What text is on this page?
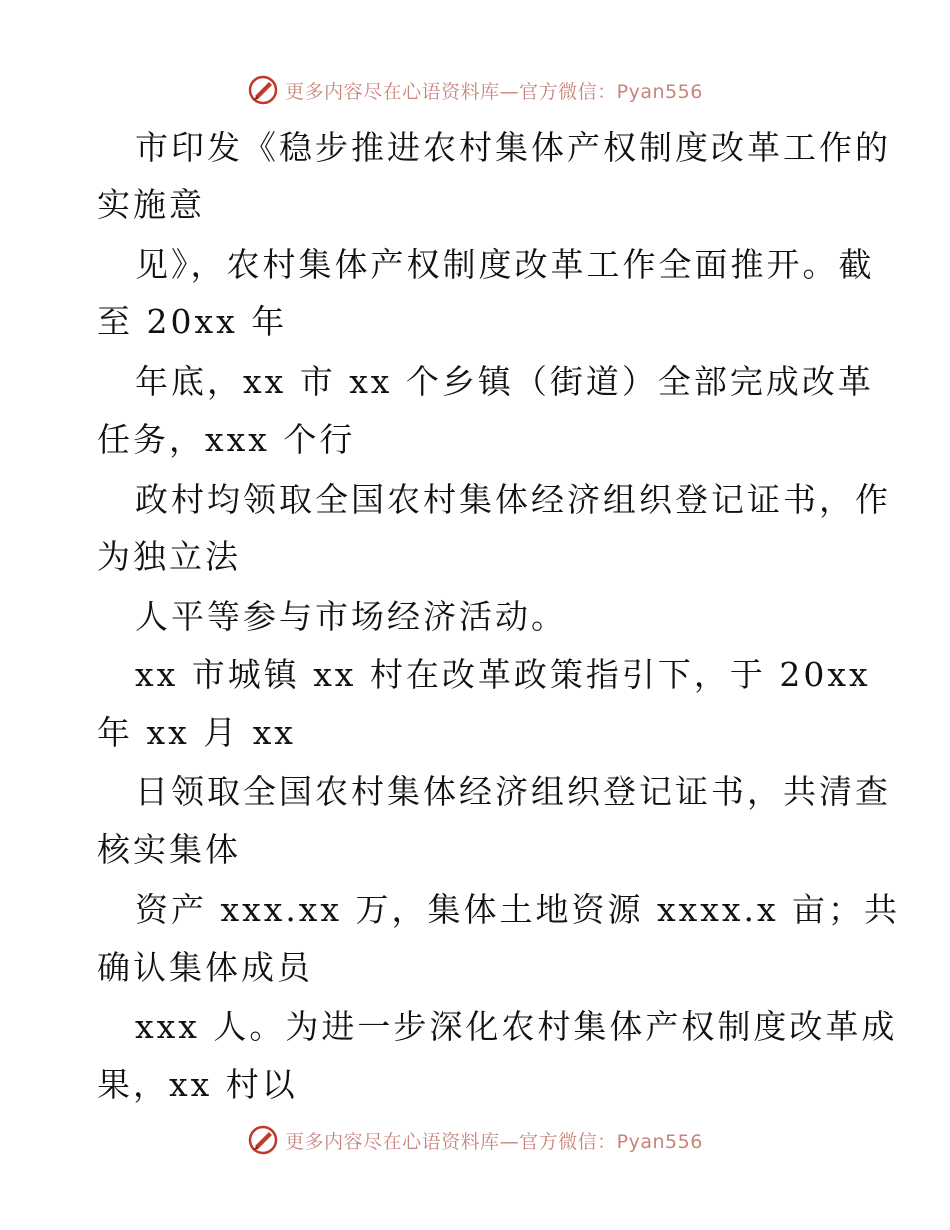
更多内容尽在心语资料库—官方微信：Pyan556
市印发《稳步推进农村集体产权制度改革工作的
实施意
见》，农村集体产权制度改革工作全面推开。截
至 20xx 年
年底，xx 市 xx 个乡镇（街道）全部完成改革
任务，xxx 个行
政村均领取全国农村集体经济组织登记证书，作
为独立法
人平等参与市场经济活动。
xx 市城镇 xx 村在改革政策指引下，于 20xx
年 xx 月 xx
日领取全国农村集体经济组织登记证书，共清查
核实集体
资产 xxx.xx 万，集体土地资源 xxxx.x 亩；共
确认集体成员
xxx 人。为进一步深化农村集体产权制度改革成
果，xx 村以
更多内容尽在心语资料库—官方微信：Pyan556
